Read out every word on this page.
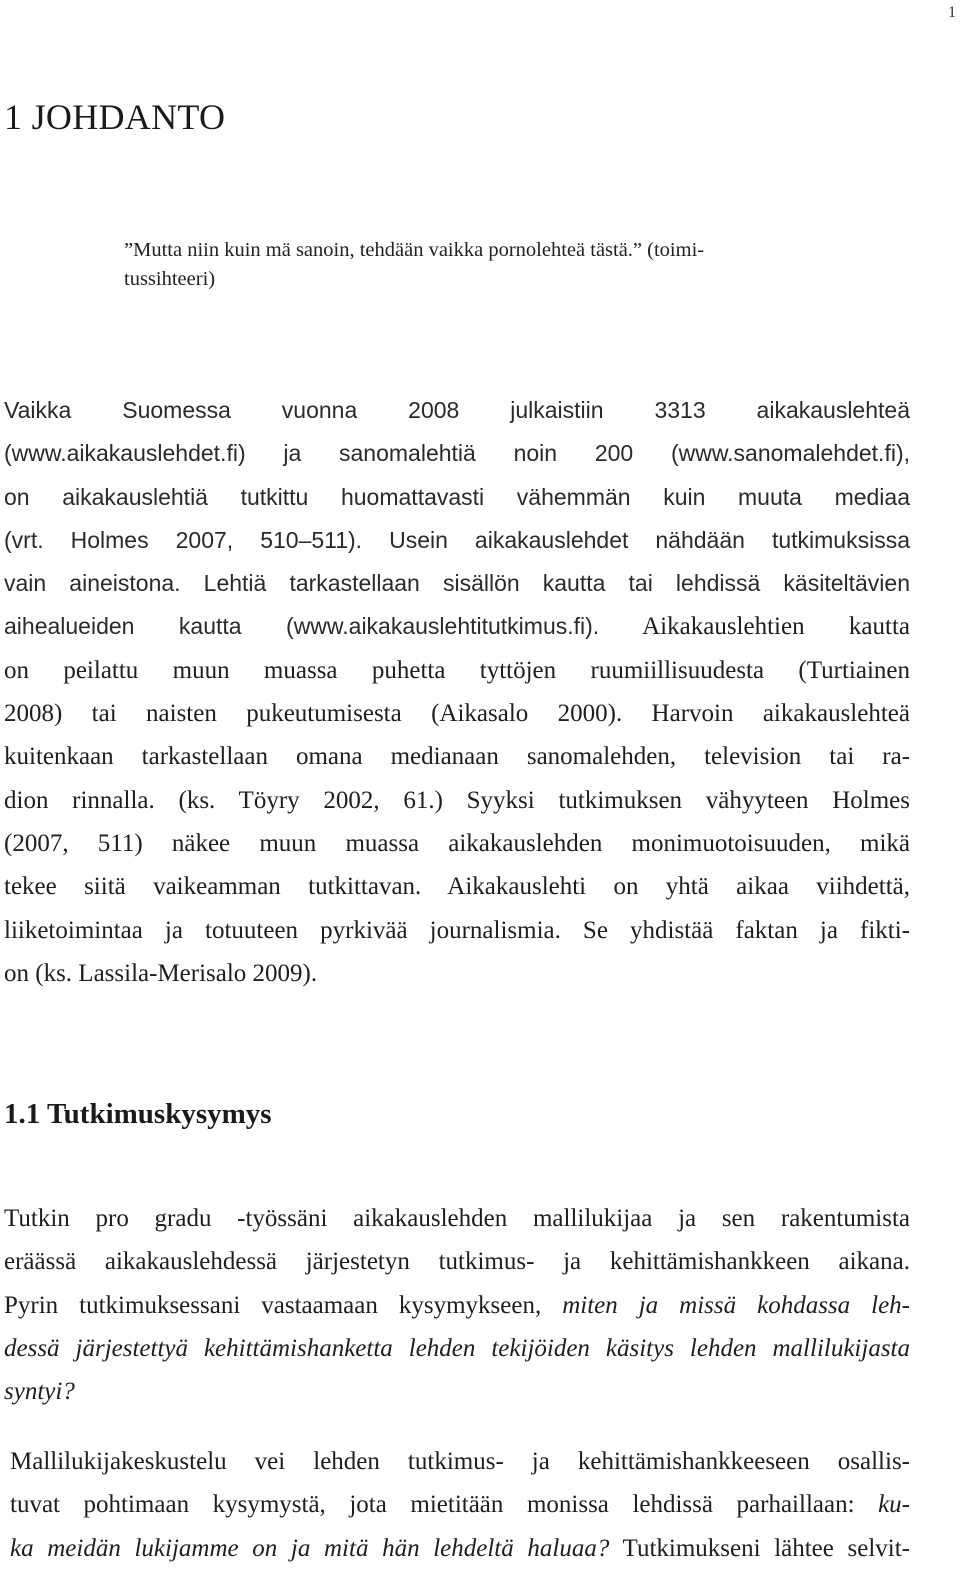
1
1 JOHDANTO
”Mutta niin kuin mä sanoin, tehdään vaikka pornolehteä tästä.” (toimi-
tussihteeri)
Vaikka Suomessa vuonna 2008 julkaistiin 3313 aikakauslehteä
(www.aikakauslehdet.fi) ja sanomalehtiä noin 200 (www.sanomalehdet.fi),
on aikakauslehtiä tutkittu huomattavasti vähemmän kuin muuta mediaa
(vrt. Holmes 2007, 510–511). Usein aikakauslehdet nähdään tutkimuksissa
vain aineistona. Lehtiä tarkastellaan sisällön kautta tai lehdissä käsiteltävien
aihealueiden kautta (www.aikakauslehtitutkimus.fi). Aikakauslehtien kautta
on peilattu muun muassa puhetta tyttöjen ruumiillisuudesta (Turtiainen
2008) tai naisten pukeutumisesta (Aikasalo 2000). Harvoin aikakauslehteä
kuitenkaan tarkastellaan omana medianaan sanomalehden, television tai ra-
dion rinnalla. (ks. Töyry 2002, 61.) Syyksi tutkimuksen vähyyteen Holmes
(2007, 511) näkee muun muassa aikakauslehden monimuotoisuuden, mikä
tekee siitä vaikeamman tutkittavan. Aikakauslehti on yhtä aikaa viihdettä,
liiketoimintaa ja totuuteen pyrkivää journalismia. Se yhdistää faktan ja fikti-
on (ks. Lassila-Merisalo 2009).
1.1 Tutkimuskysymys
Tutkin pro gradu -työssäni aikakauslehden mallilukijaa ja sen rakentumista
eräässä aikakauslehdessä järjestetyn tutkimus- ja kehittämishankkeen aikana.
Pyrin tutkimuksessani vastaamaan kysymykseen, miten ja missä kohdassa leh-
dessä järjestettyä kehittämishanketta lehden tekijöiden käsitys lehden mallilukijasta
syntyi?
Mallilukijakeskustelu vei lehden tutkimus- ja kehittämishankkeeseen osallis-
tuvat pohtimaan kysymystä, jota mietitään monissa lehdissä parhaillaan: ku-
ka meidän lukijamme on ja mitä hän lehdeltä haluaa? Tutkimukseni lähtee selvit-
